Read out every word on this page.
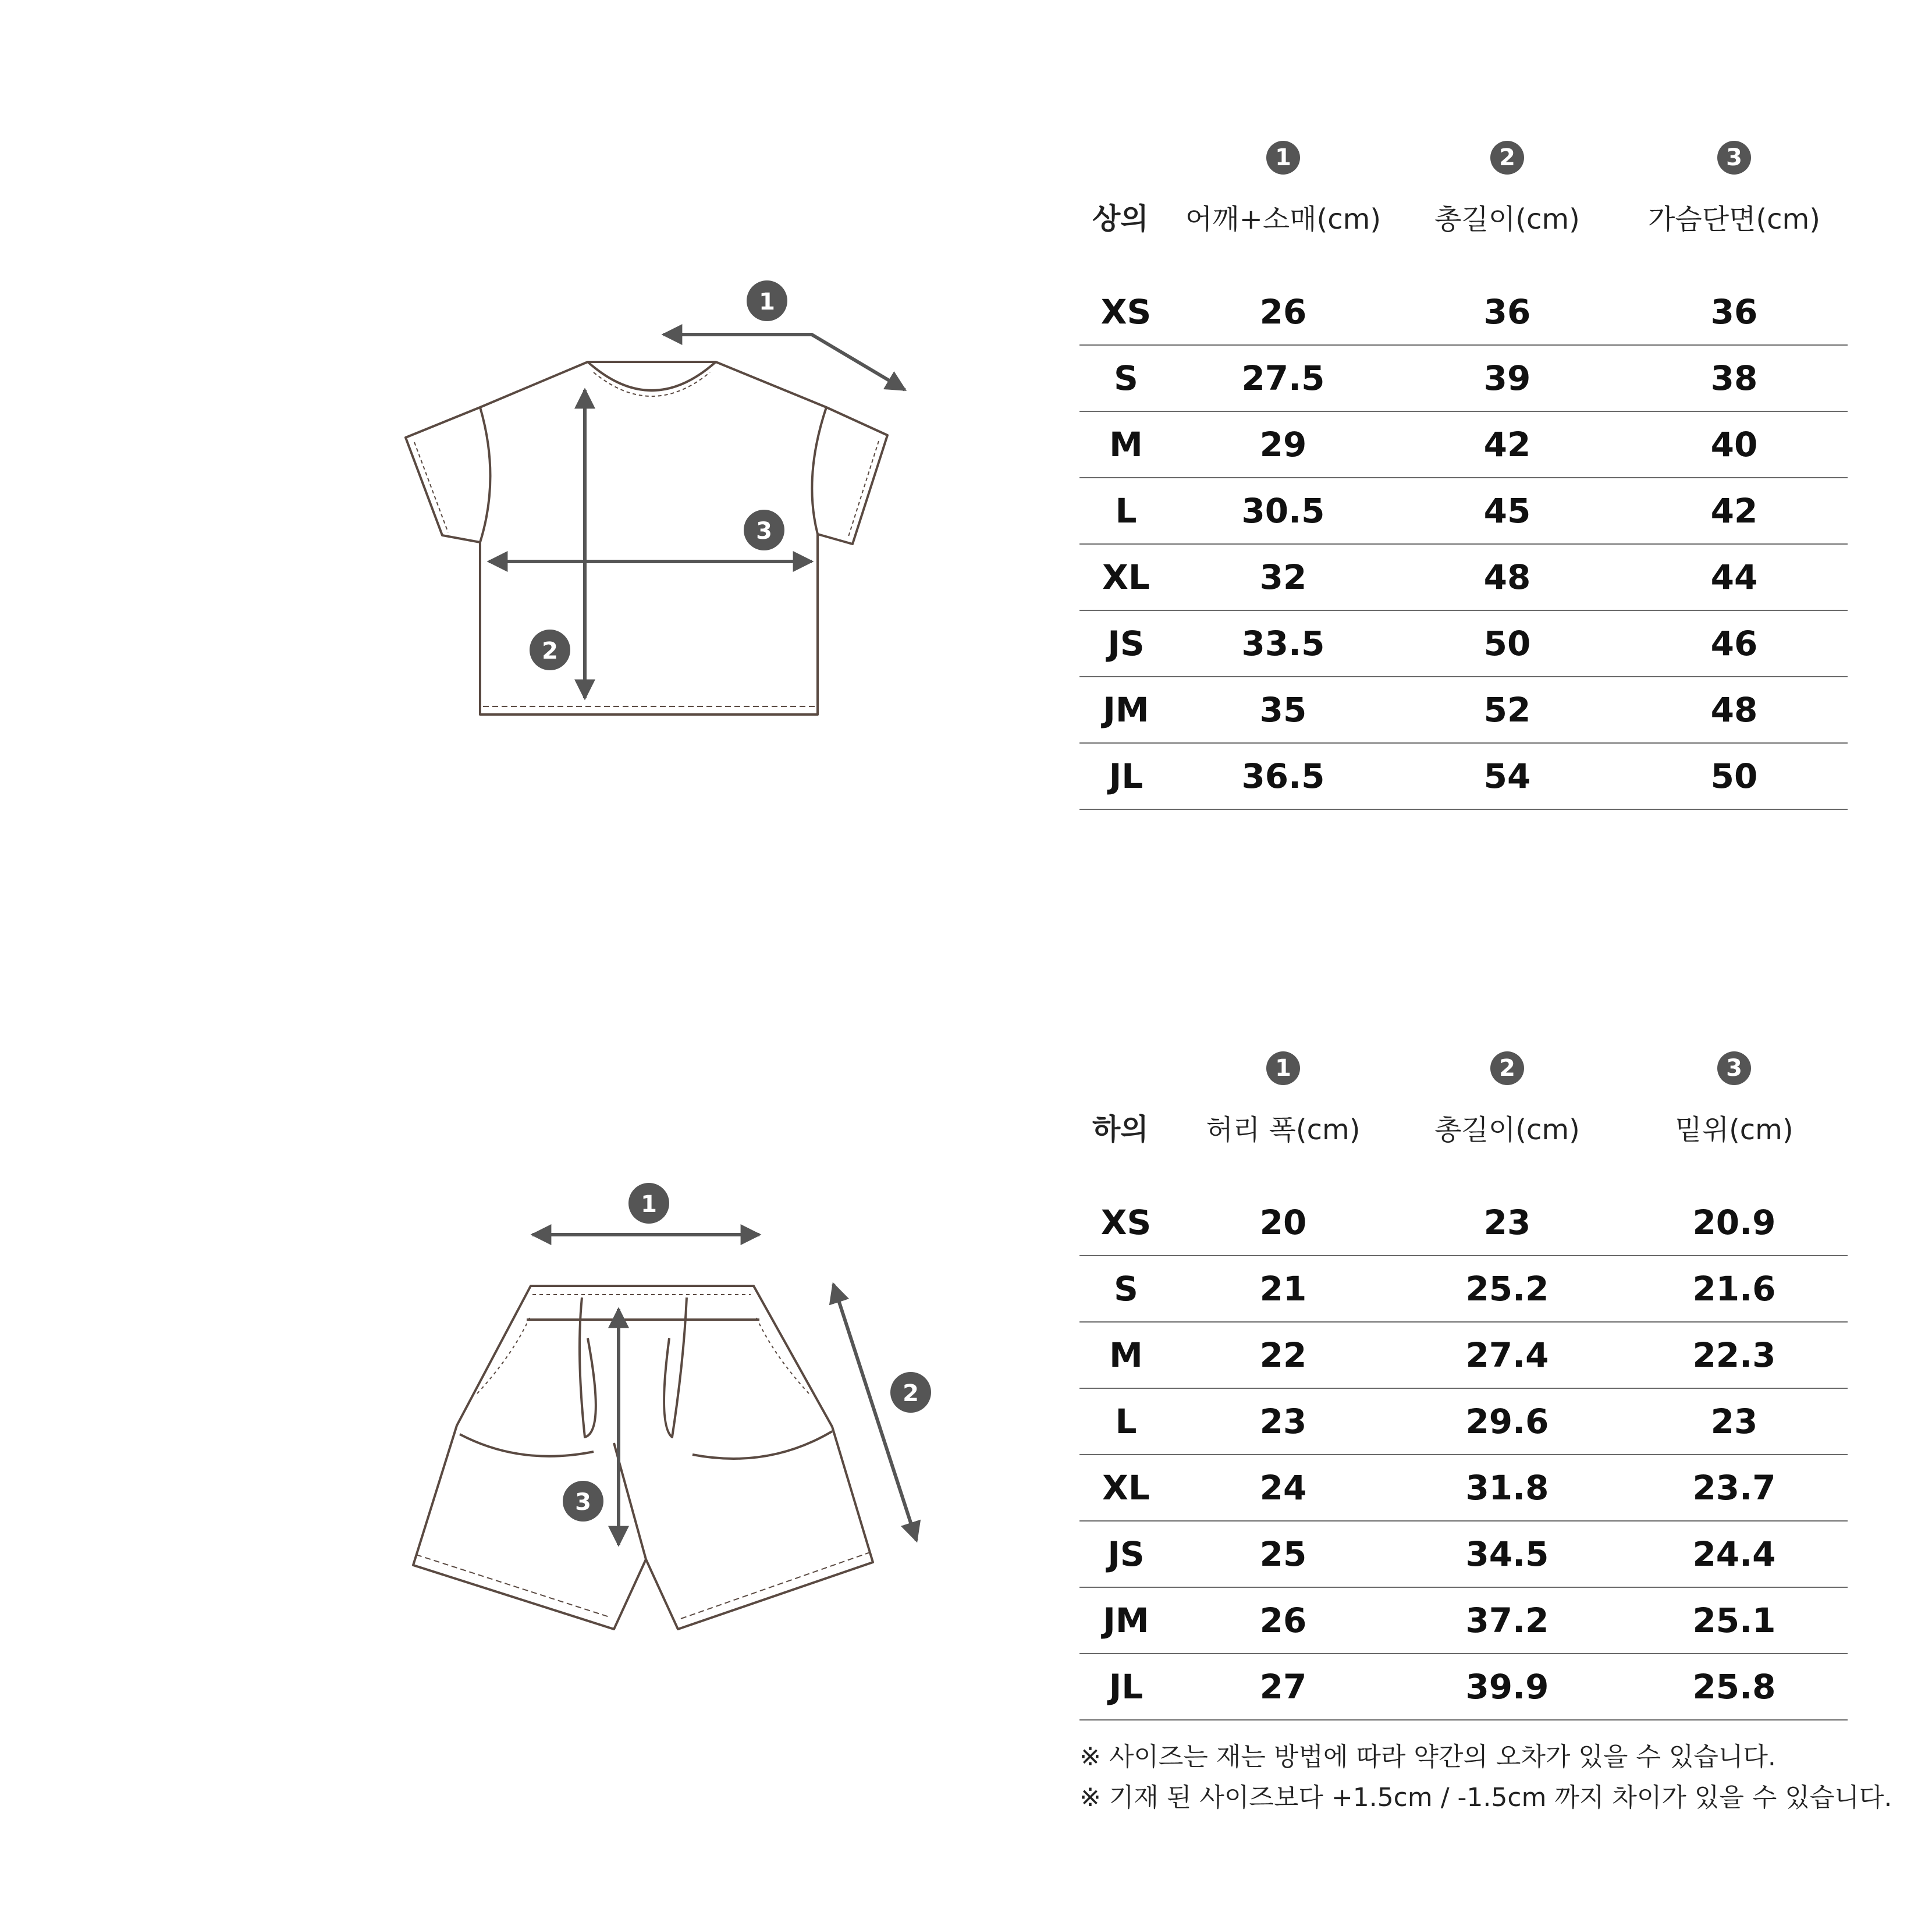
1
2
3
	1	2	3
상의	어깨+소매(cm)	총길이(cm)	가슴단면(cm)

XS	26	36	36
S	27.5	39	38
M	29	42	40
L	30.5	45	42
XL	32	48	44
JS	33.5	50	46
JM	35	52	48
JL	36.5	54	50
1
2
3
	1	2	3
하의	허리 폭(cm)	총길이(cm)	밑위(cm)

XS	20	23	20.9
S	21	25.2	21.6
M	22	27.4	22.3
L	23	29.6	23
XL	24	31.8	23.7
JS	25	34.5	24.4
JM	26	37.2	25.1
JL	27	39.9	25.8
※ 사이즈는 재는 방법에 따라 약간의 오차가 있을 수 있습니다.
※ 기재 된 사이즈보다 +1.5cm / -1.5cm 까지 차이가 있을 수 있습니다.
